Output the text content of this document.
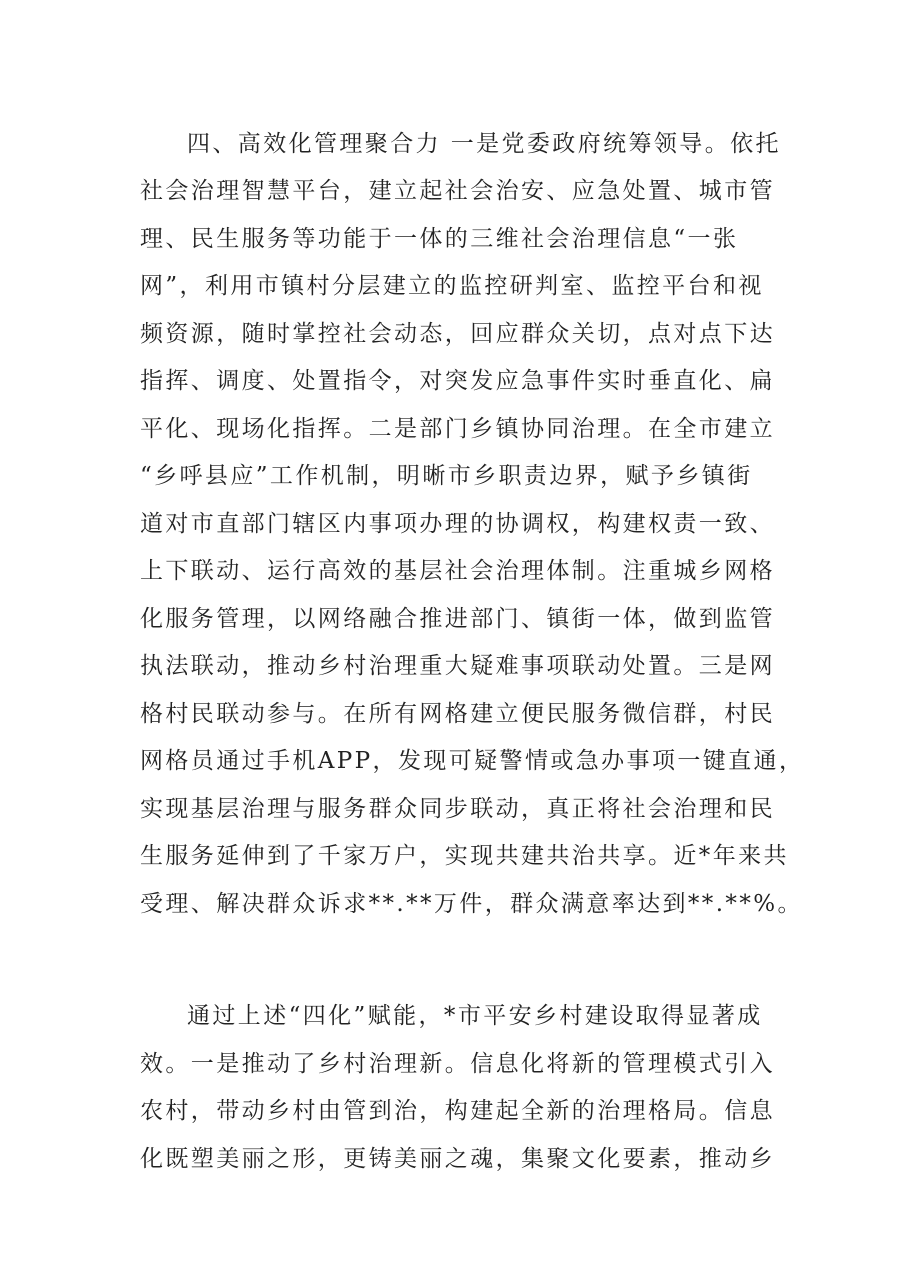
四、高效化管理聚合力 一是党委政府统筹领导。依托
社会治理智慧平台，建立起社会治安、应急处置、城市管
理、民生服务等功能于一体的三维社会治理信息“一张
网”，利用市镇村分层建立的监控研判室、监控平台和视
频资源，随时掌控社会动态，回应群众关切，点对点下达
指挥、调度、处置指令，对突发应急事件实时垂直化、扁
平化、现场化指挥。二是部门乡镇协同治理。在全市建立
“乡呼县应”工作机制，明晰市乡职责边界，赋予乡镇街
道对市直部门辖区内事项办理的协调权，构建权责一致、
上下联动、运行高效的基层社会治理体制。注重城乡网格
化服务管理，以网络融合推进部门、镇街一体，做到监管
执法联动，推动乡村治理重大疑难事项联动处置。三是网
格村民联动参与。在所有网格建立便民服务微信群，村民
网格员通过手机APP，发现可疑警情或急办事项一键直通，
实现基层治理与服务群众同步联动，真正将社会治理和民
生服务延伸到了千家万户，实现共建共治共享。近*年来共
受理、解决群众诉求**.**万件，群众满意率达到**.**%。
通过上述“四化”赋能，*市平安乡村建设取得显著成
效。一是推动了乡村治理新。信息化将新的管理模式引入
农村，带动乡村由管到治，构建起全新的治理格局。信息
化既塑美丽之形，更铸美丽之魂，集聚文化要素，推动乡
